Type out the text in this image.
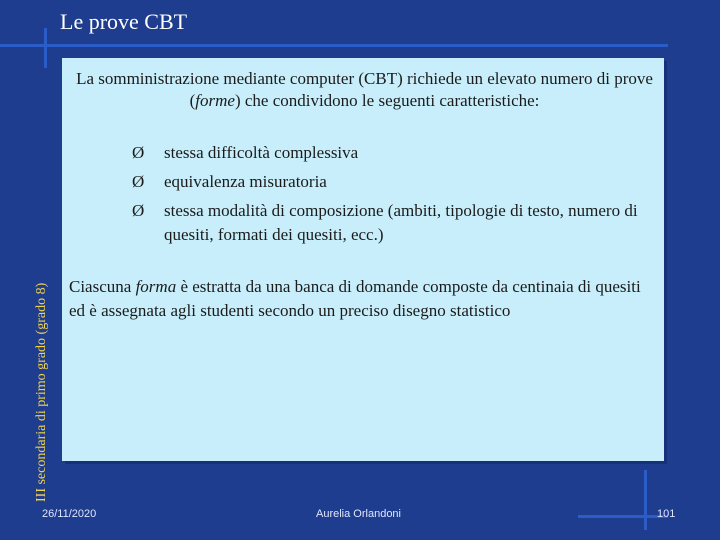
Le prove CBT
III secondaria di primo grado (grado 8)
La somministrazione mediante computer (CBT) richiede un elevato numero di prove (forme) che condividono le seguenti caratteristiche:
Ø	stessa difficoltà complessiva
Ø	equivalenza misuratoria
Ø	stessa modalità di composizione (ambiti, tipologie di testo, numero di quesiti, formati dei quesiti, ecc.)
Ciascuna forma è estratta da una banca di domande composte da centinaia di quesiti ed è assegnata agli studenti secondo un preciso disegno statistico
26/11/2020	Aurelia Orlandoni	101
